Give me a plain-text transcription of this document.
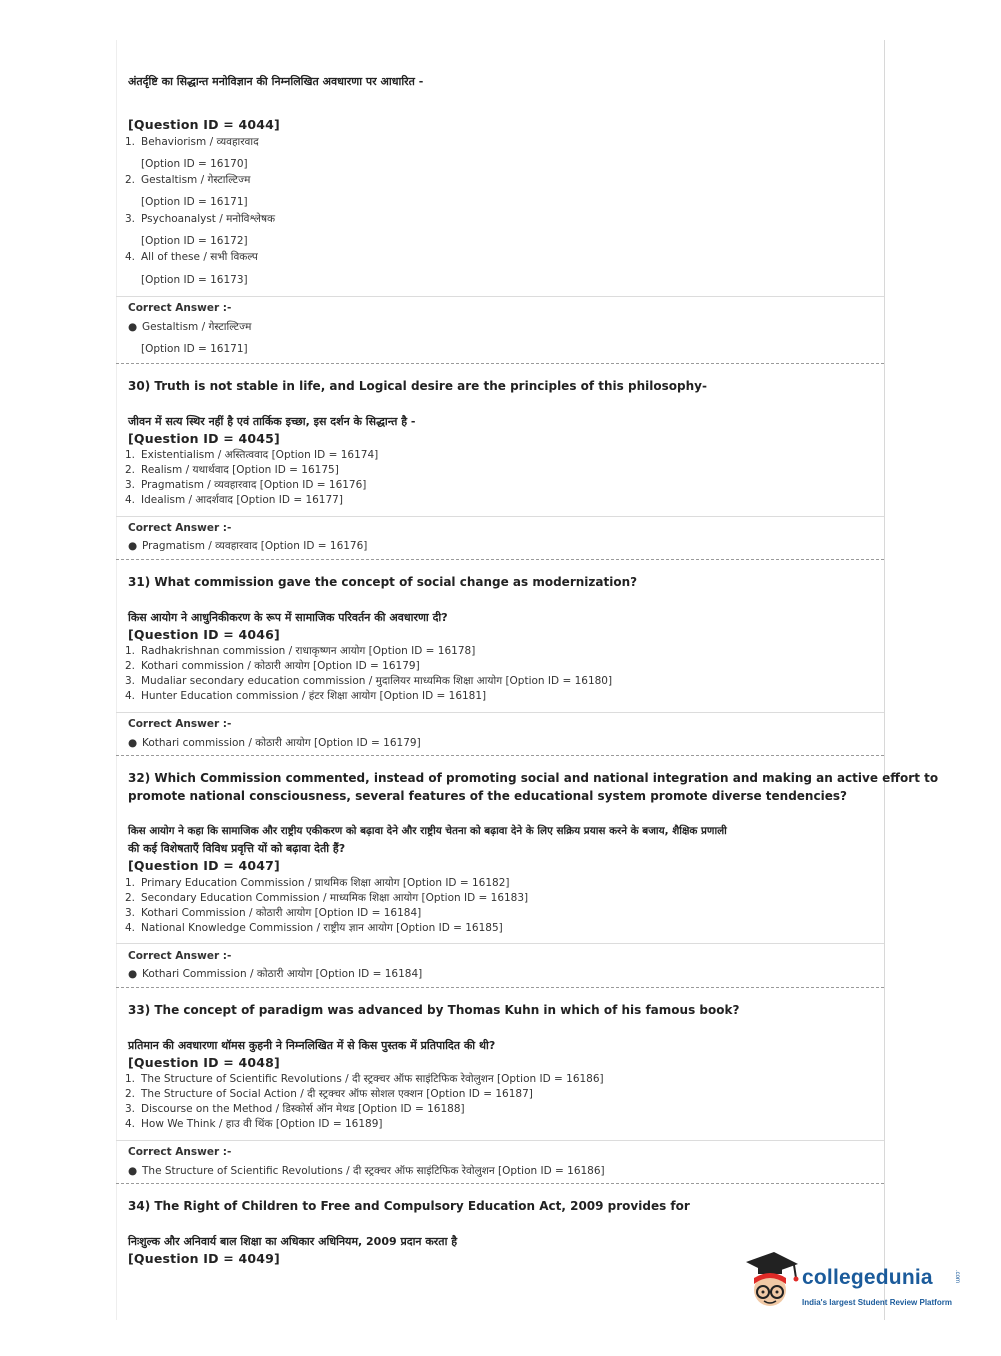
अंतर्दृष्टि का सिद्धान्त मनोविज्ञान की निम्नलिखित अवधारणा पर आधारित -
[Question ID = 4044]
1. Behaviorism / व्यवहारवाद
[Option ID = 16170]
2. Gestaltism / गेस्टाल्टिज्म
[Option ID = 16171]
3. Psychoanalyst / मनोविश्लेषक
[Option ID = 16172]
4. All of these / सभी विकल्प
[Option ID = 16173]
Correct Answer :-
● Gestaltism / गेस्टाल्टिज्म
[Option ID = 16171]
30) Truth is not stable in life, and Logical desire are the principles of this philosophy-
जीवन में सत्य स्थिर नहीं है एवं तार्किक इच्छा, इस दर्शन के सिद्धान्त है -
[Question ID = 4045]
1. Existentialism / अस्तित्ववाद [Option ID = 16174]
2. Realism / यथार्थवाद [Option ID = 16175]
3. Pragmatism / व्यवहारवाद [Option ID = 16176]
4. Idealism / आदर्शवाद [Option ID = 16177]
Correct Answer :-
● Pragmatism / व्यवहारवाद [Option ID = 16176]
31) What commission gave the concept of social change as modernization?
किस आयोग ने आधुनिकीकरण के रूप में सामाजिक परिवर्तन की अवधारणा दी?
[Question ID = 4046]
1. Radhakrishnan commission / राधाकृष्णन आयोग [Option ID = 16178]
2. Kothari commission / कोठारी आयोग [Option ID = 16179]
3. Mudaliar secondary education commission / मुदालियर माध्यमिक शिक्षा आयोग [Option ID = 16180]
4. Hunter Education commission / हंटर शिक्षा आयोग [Option ID = 16181]
Correct Answer :-
● Kothari commission / कोठारी आयोग [Option ID = 16179]
32) Which Commission commented, instead of promoting social and national integration and making an active effort to
promote national consciousness, several features of the educational system promote diverse tendencies?
किस आयोग ने कहा कि सामाजिक और राष्ट्रीय एकीकरण को बढ़ावा देने और राष्ट्रीय चेतना को बढ़ावा देने के लिए सक्रिय प्रयास करने के बजाय, शैक्षिक प्रणाली
की कई विशेषताएँ विविध प्रवृत्ति यों को बढ़ावा देती हैं?
[Question ID = 4047]
1. Primary Education Commission / प्राथमिक शिक्षा आयोग [Option ID = 16182]
2. Secondary Education Commission / माध्यमिक शिक्षा आयोग [Option ID = 16183]
3. Kothari Commission / कोठारी आयोग [Option ID = 16184]
4. National Knowledge Commission / राष्ट्रीय ज्ञान आयोग [Option ID = 16185]
Correct Answer :-
● Kothari Commission / कोठारी आयोग [Option ID = 16184]
33) The concept of paradigm was advanced by Thomas Kuhn in which of his famous book?
प्रतिमान की अवधारणा थॉमस कुहनी ने निम्नलिखित में से किस पुस्तक में प्रतिपादित की थी?
[Question ID = 4048]
1. The Structure of Scientific Revolutions / दी स्ट्रक्चर ऑफ साइंटिफिक रेवोलुशन [Option ID = 16186]
2. The Structure of Social Action / दी स्ट्रक्चर ऑफ सोशल एक्शन [Option ID = 16187]
3. Discourse on the Method / डिस्कोर्स ऑन मेथड [Option ID = 16188]
4. How We Think / हाउ वी थिंक [Option ID = 16189]
Correct Answer :-
● The Structure of Scientific Revolutions / दी स्ट्रक्चर ऑफ साइंटिफिक रेवोलुशन [Option ID = 16186]
34) The Right of Children to Free and Compulsory Education Act, 2009 provides for
निःशुल्क और अनिवार्य बाल शिक्षा का अधिकार अधिनियम, 2009 प्रदान करता है
[Question ID = 4049]
collegedunia	.com
India's largest Student Review Platform
